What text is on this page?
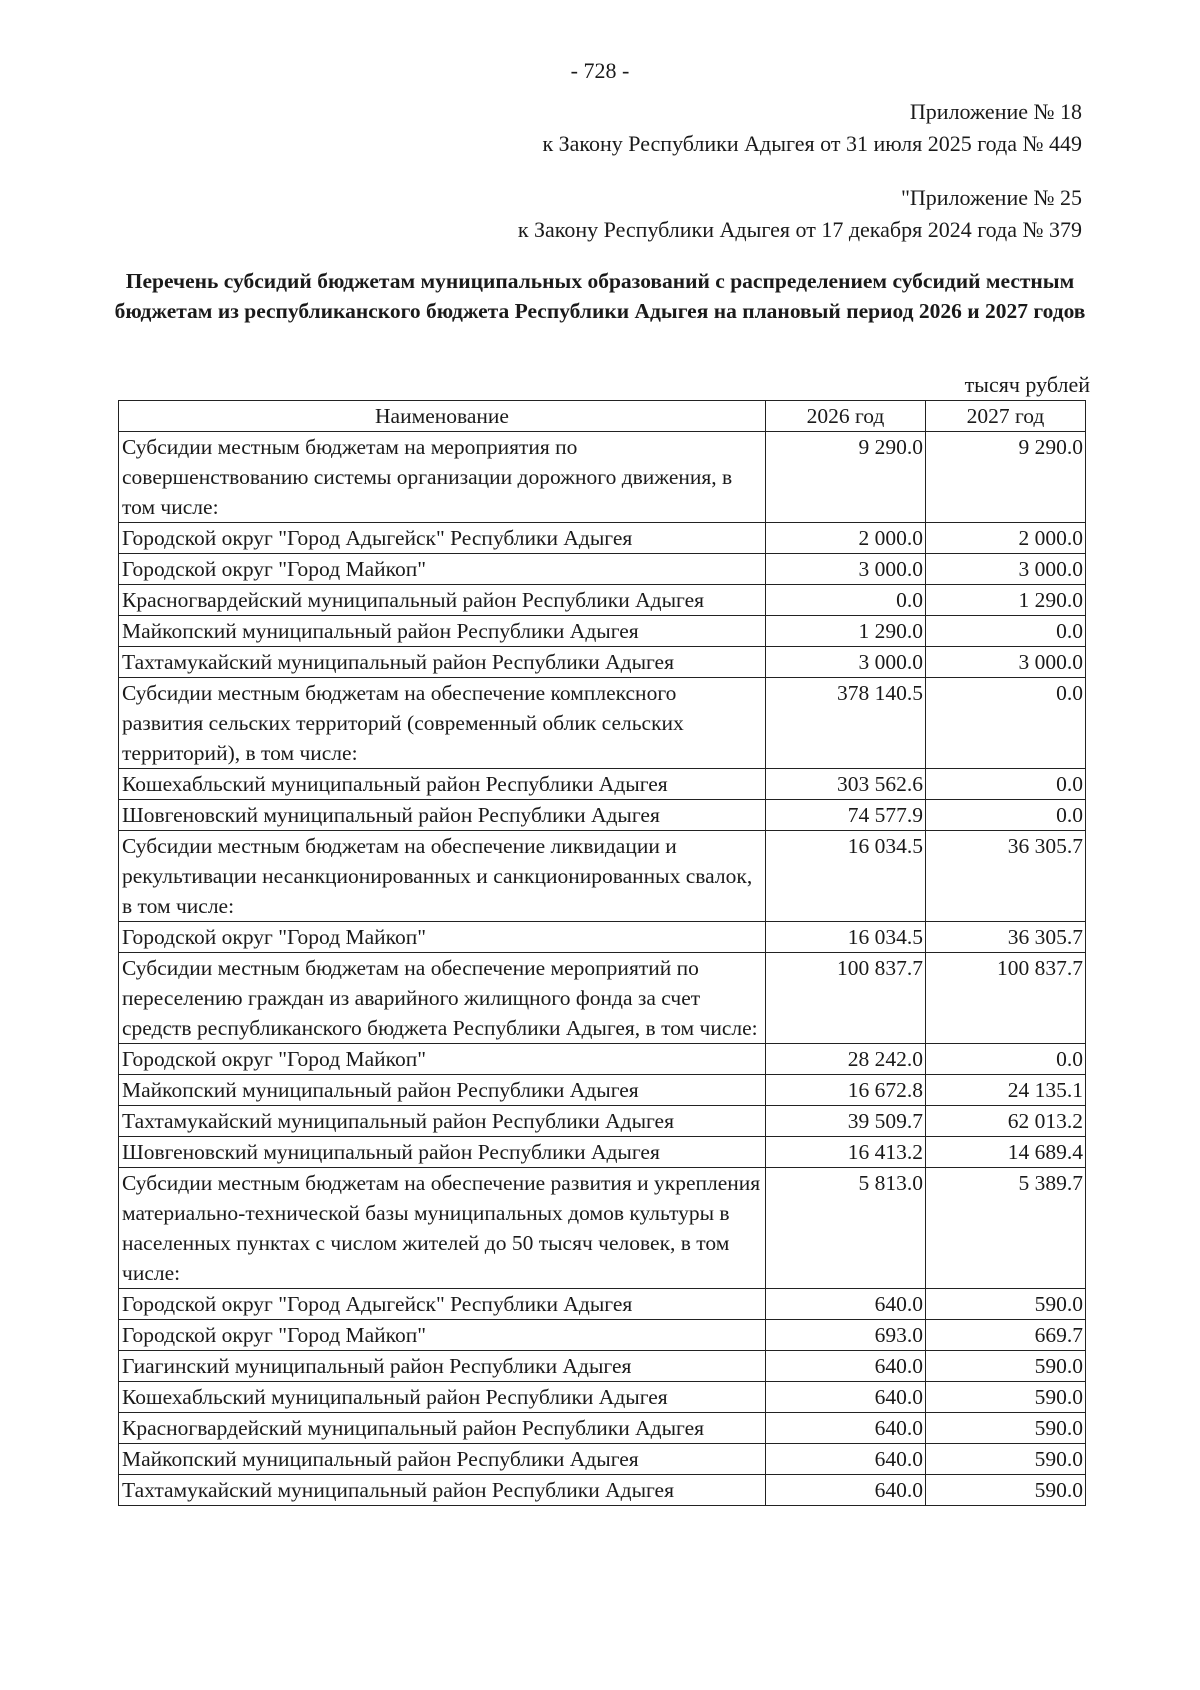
- 728 -
Приложение № 18
к Закону Республики Адыгея от 31 июля 2025 года № 449
"Приложение № 25
к Закону Республики Адыгея от 17 декабря 2024 года № 379
Перечень субсидий бюджетам муниципальных образований с распределением субсидий местным бюджетам из республиканского бюджета Республики Адыгея на плановый период 2026 и 2027 годов
тысяч рублей
Наименование	2026 год	2027 год
Субсидии местным бюджетам на мероприятия по совершенствованию системы организации дорожного движения, в том числе:	9 290.0	9 290.0
Городской округ "Город Адыгейск" Республики Адыгея	2 000.0	2 000.0
Городской округ "Город Майкоп"	3 000.0	3 000.0
Красногвардейский муниципальный район Республики Адыгея	0.0	1 290.0
Майкопский муниципальный район Республики Адыгея	1 290.0	0.0
Тахтамукайский муниципальный район Республики Адыгея	3 000.0	3 000.0
Субсидии местным бюджетам на обеспечение комплексного развития сельских территорий (современный облик сельских территорий), в том числе:	378 140.5	0.0
Кошехабльский муниципальный район Республики Адыгея	303 562.6	0.0
Шовгеновский муниципальный район Республики Адыгея	74 577.9	0.0
Субсидии местным бюджетам на обеспечение ликвидации и рекультивации несанкционированных и санкционированных свалок, в том числе:	16 034.5	36 305.7
Городской округ "Город Майкоп"	16 034.5	36 305.7
Субсидии местным бюджетам на обеспечение мероприятий по переселению граждан из аварийного жилищного фонда за счет средств республиканского бюджета Республики Адыгея, в том числе:	100 837.7	100 837.7
Городской округ "Город Майкоп"	28 242.0	0.0
Майкопский муниципальный район Республики Адыгея	16 672.8	24 135.1
Тахтамукайский муниципальный район Республики Адыгея	39 509.7	62 013.2
Шовгеновский муниципальный район Республики Адыгея	16 413.2	14 689.4
Субсидии местным бюджетам на обеспечение развития и укрепления материально-технической базы муниципальных домов культуры в населенных пунктах с числом жителей до 50 тысяч человек, в том числе:	5 813.0	5 389.7
Городской округ "Город Адыгейск" Республики Адыгея	640.0	590.0
Городской округ "Город Майкоп"	693.0	669.7
Гиагинский муниципальный район Республики Адыгея	640.0	590.0
Кошехабльский муниципальный район Республики Адыгея	640.0	590.0
Красногвардейский муниципальный район Республики Адыгея	640.0	590.0
Майкопский муниципальный район Республики Адыгея	640.0	590.0
Тахтамукайский муниципальный район Республики Адыгея	640.0	590.0
